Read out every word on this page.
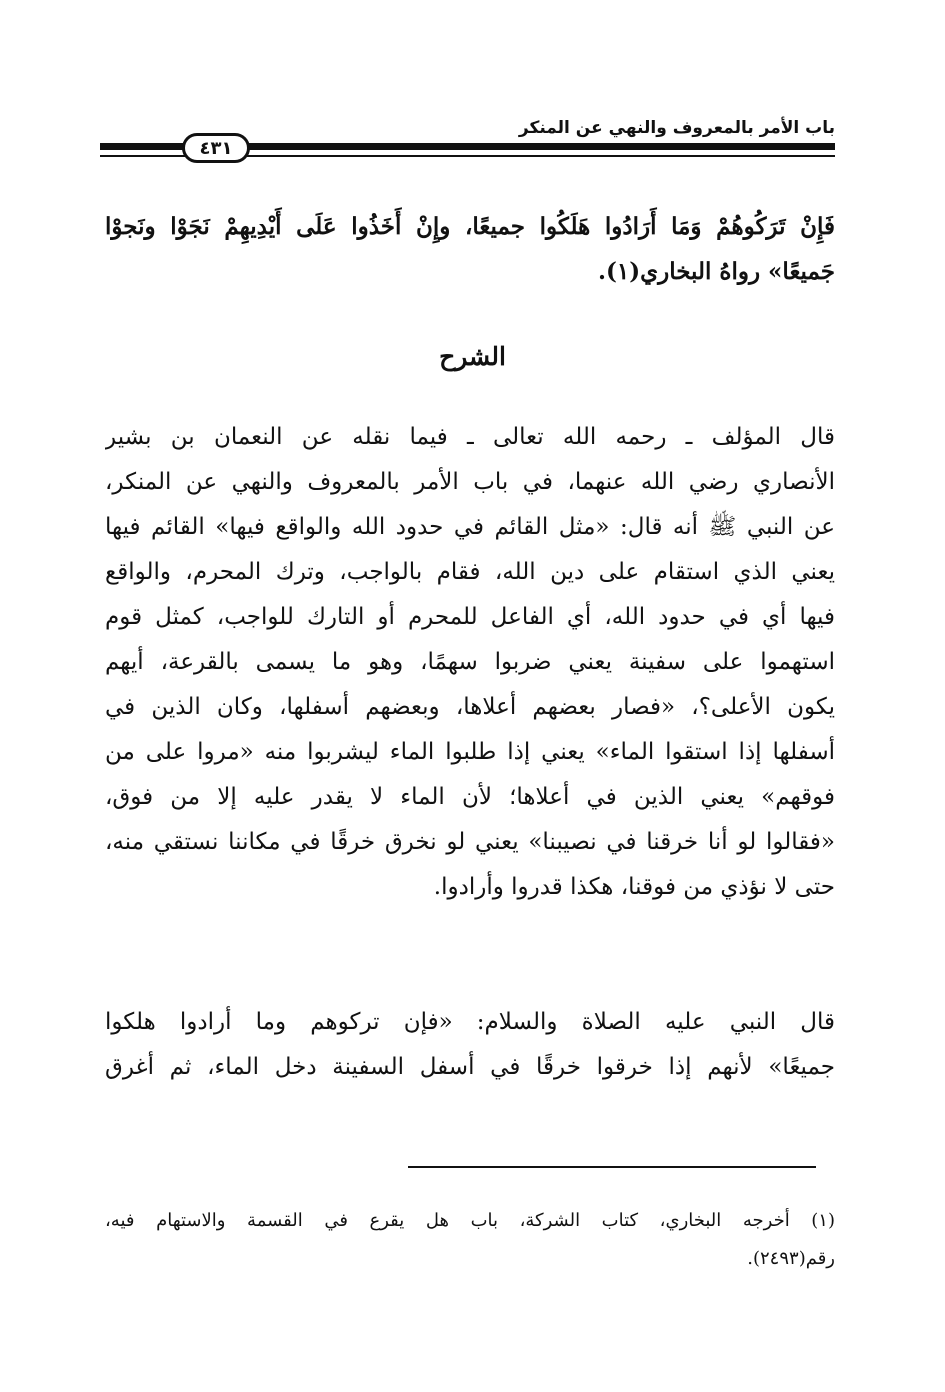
باب الأمر بالمعروف والنهي عن المنكر
٤٣١
فَإِنْ تَرَكُوهُمْ وَمَا أَرَادُوا هَلَكُوا جميعًا، وإِنْ أَخَذُوا عَلَى أَيْدِيهِمْ نَجَوْا ونَجوْا
جَميعًا» رواهُ البخاري(١).
الشرح
قال المؤلف ـ رحمه الله تعالى ـ فيما نقله عن النعمان بن بشير
الأنصاري رضي الله عنهما، في باب الأمر بالمعروف والنهي عن المنكر،
عن النبي ﷺ أنه قال: «مثل القائم في حدود الله والواقع فيها» القائم فيها
يعني الذي استقام على دين الله، فقام بالواجب، وترك المحرم، والواقع
فيها أي في حدود الله، أي الفاعل للمحرم أو التارك للواجب، كمثل قوم
استهموا على سفينة يعني ضربوا سهمًا، وهو ما يسمى بالقرعة، أيهم
يكون الأعلى؟، «فصار بعضهم أعلاها، وبعضهم أسفلها، وكان الذين في
أسفلها إذا استقوا الماء» يعني إذا طلبوا الماء ليشربوا منه «مروا على من
فوقهم» يعني الذين في أعلاها؛ لأن الماء لا يقدر عليه إلا من فوق،
«فقالوا لو أنا خرقنا في نصيبنا» يعني لو نخرق خرقًا في مكاننا نستقي منه،
حتى لا نؤذي من فوقنا، هكذا قدروا وأرادوا.
قال النبي عليه الصلاة والسلام: «فإن تركوهم وما أرادوا هلكوا
جميعًا» لأنهم إذا خرقوا خرقًا في أسفل السفينة دخل الماء، ثم أغرق
(١) أخرجه البخاري، كتاب الشركة، باب هل يقرع في القسمة والاستهام فيه،
رقم(٢٤٩٣).
